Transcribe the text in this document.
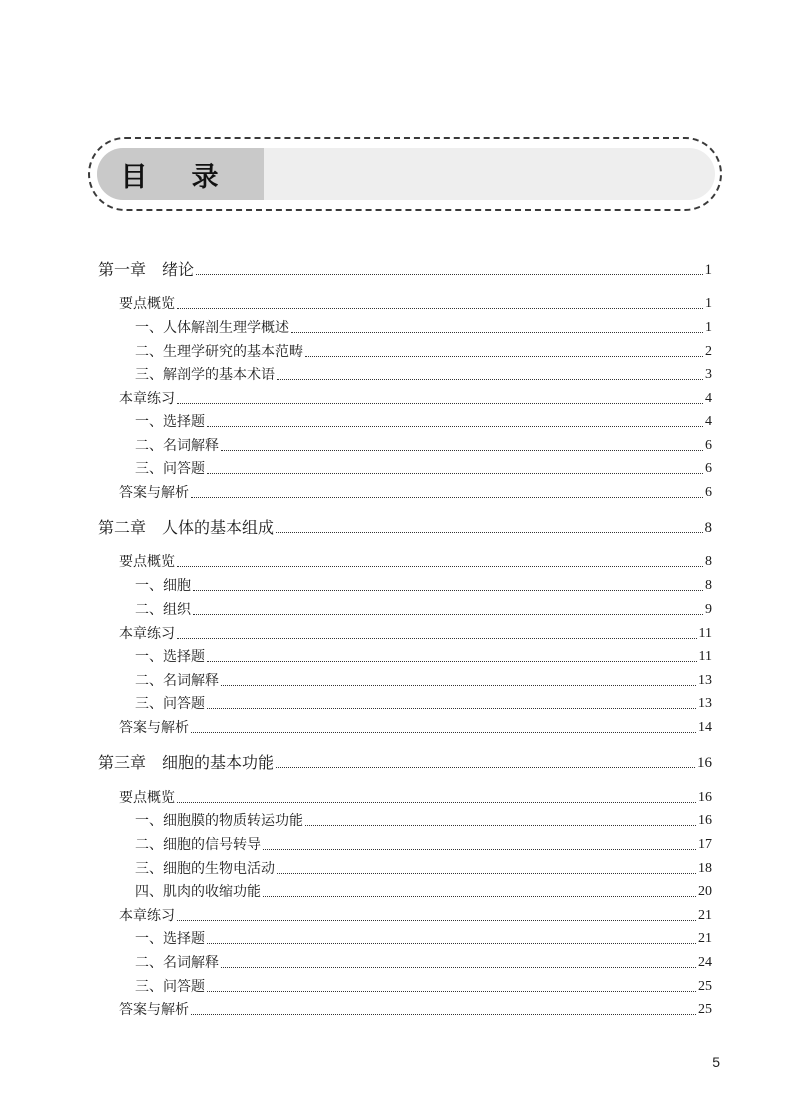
目录
第一章　绪论	1
要点概览	1
一、人体解剖生理学概述	1
二、生理学研究的基本范畴	2
三、解剖学的基本术语	3
本章练习	4
一、选择题	4
二、名词解释	6
三、问答题	6
答案与解析	6
第二章　人体的基本组成	8
要点概览	8
一、细胞	8
二、组织	9
本章练习	11
一、选择题	11
二、名词解释	13
三、问答题	13
答案与解析	14
第三章　细胞的基本功能	16
要点概览	16
一、细胞膜的物质转运功能	16
二、细胞的信号转导	17
三、细胞的生物电活动	18
四、肌肉的收缩功能	20
本章练习	21
一、选择题	21
二、名词解释	24
三、问答题	25
答案与解析	25
5
